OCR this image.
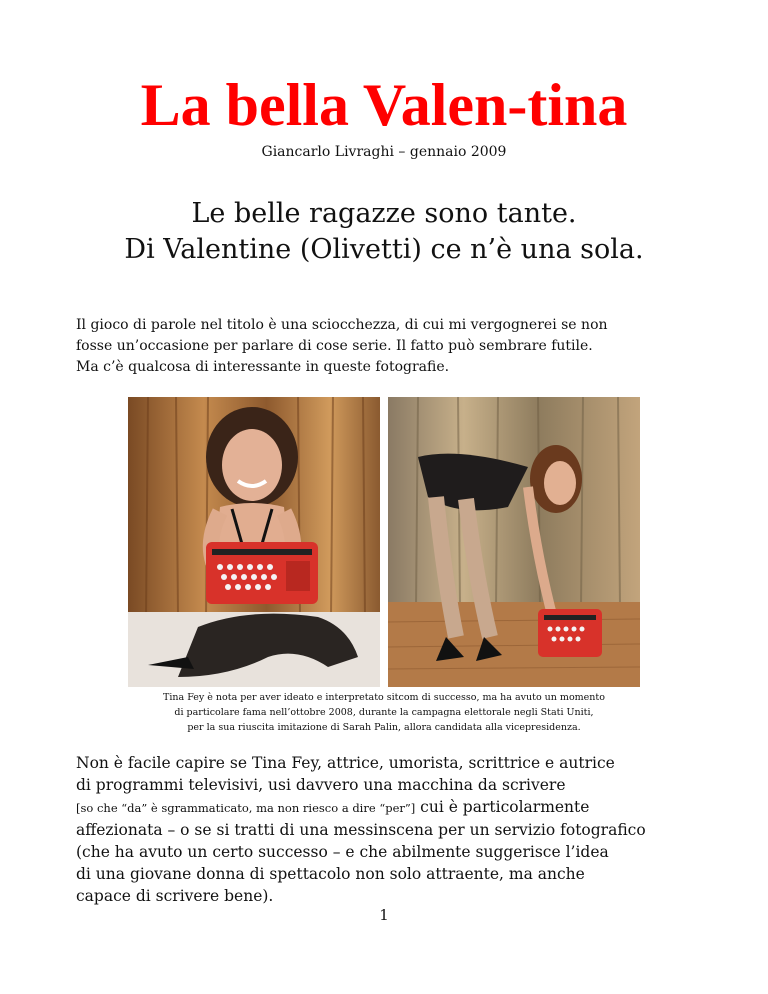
La bella Valen-tina
Giancarlo Livraghi – gennaio 2009
Le belle ragazze sono tante.
Di Valentine (Olivetti) ce n’è una sola.
Il gioco di parole nel titolo è una sciocchezza, di cui mi vergognerei se non
fosse un’occasione per parlare di cose serie. Il fatto può sembrare futile.
Ma c’è qualcosa di interessante in queste fotografie.
Tina Fey è nota per aver ideato e interpretato sitcom di successo, ma ha avuto un momento
di particolare fama nell’ottobre 2008, durante la campagna elettorale negli Stati Uniti,
per la sua riuscita imitazione di Sarah Palin, allora candidata alla vicepresidenza.
Non è facile capire se Tina Fey, attrice, umorista, scrittrice e autrice
di programmi televisivi, usi davvero una macchina da scrivere
[so che “da” è sgrammaticato, ma non riesco a dire “per”] cui è particolarmente
affezionata – o se si tratti di una messinscena per un servizio fotografico
(che ha avuto un certo successo – e che abilmente suggerisce l’idea
di una giovane donna di spettacolo non solo attraente, ma anche
capace di scrivere bene).
1
